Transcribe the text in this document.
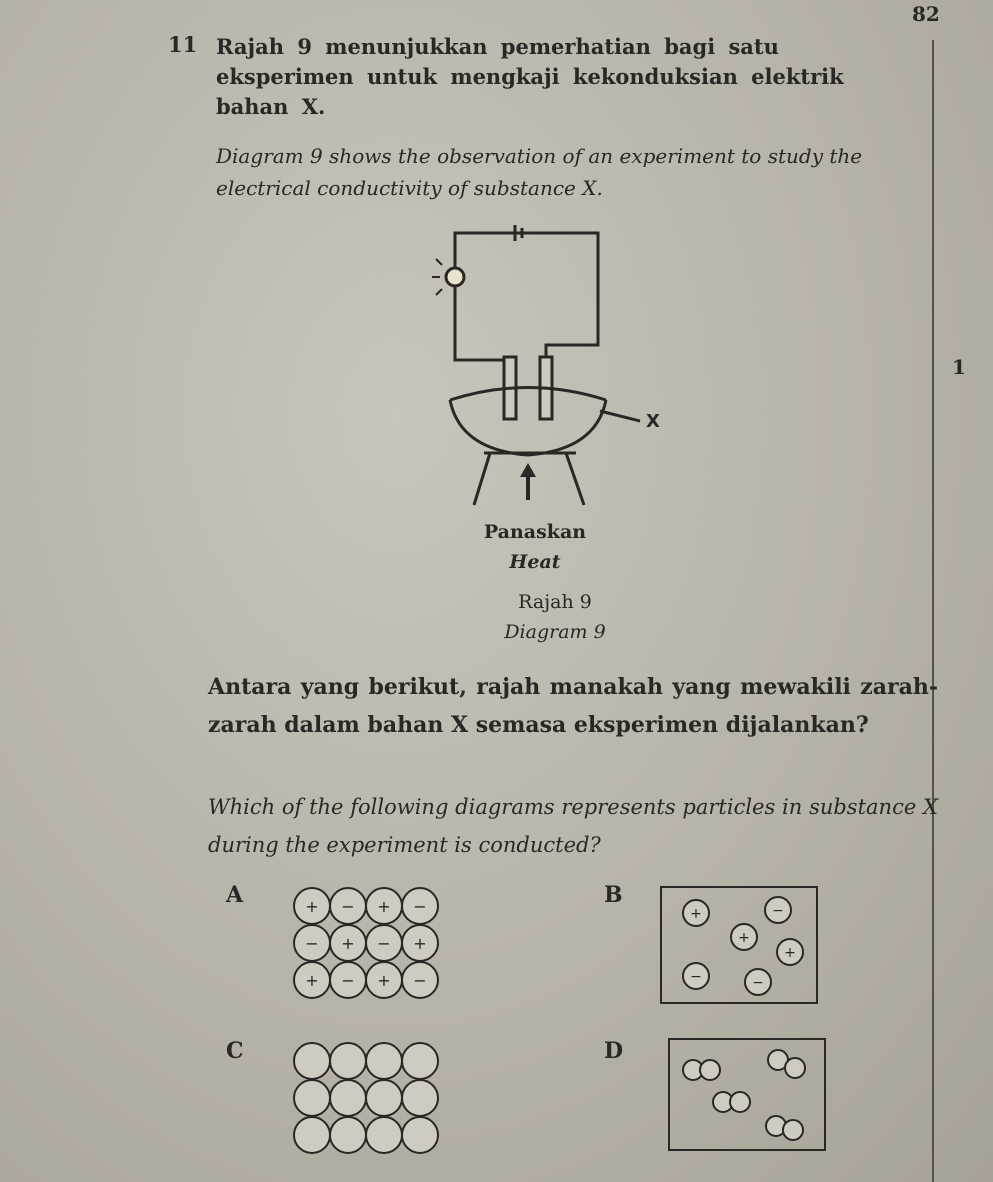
82
1
11 Rajah 9 menunjukkan pemerhatian bagi satu eksperimen untuk mengkaji kekonduksian elektrik bahan X.
Diagram 9 shows the observation of an experiment to study the electrical conductivity of substance X.
X
Panaskan
Heat
Rajah 9
Diagram 9
Antara yang berikut, rajah manakah yang mewakili zarah-zarah dalam bahan X semasa eksperimen dijalankan?
Which of the following diagrams represents particles in substance X during the experiment is conducted?
A	+ − + −
− + − +
+ − + −
B
+	−
+
+
−	−
C	D
